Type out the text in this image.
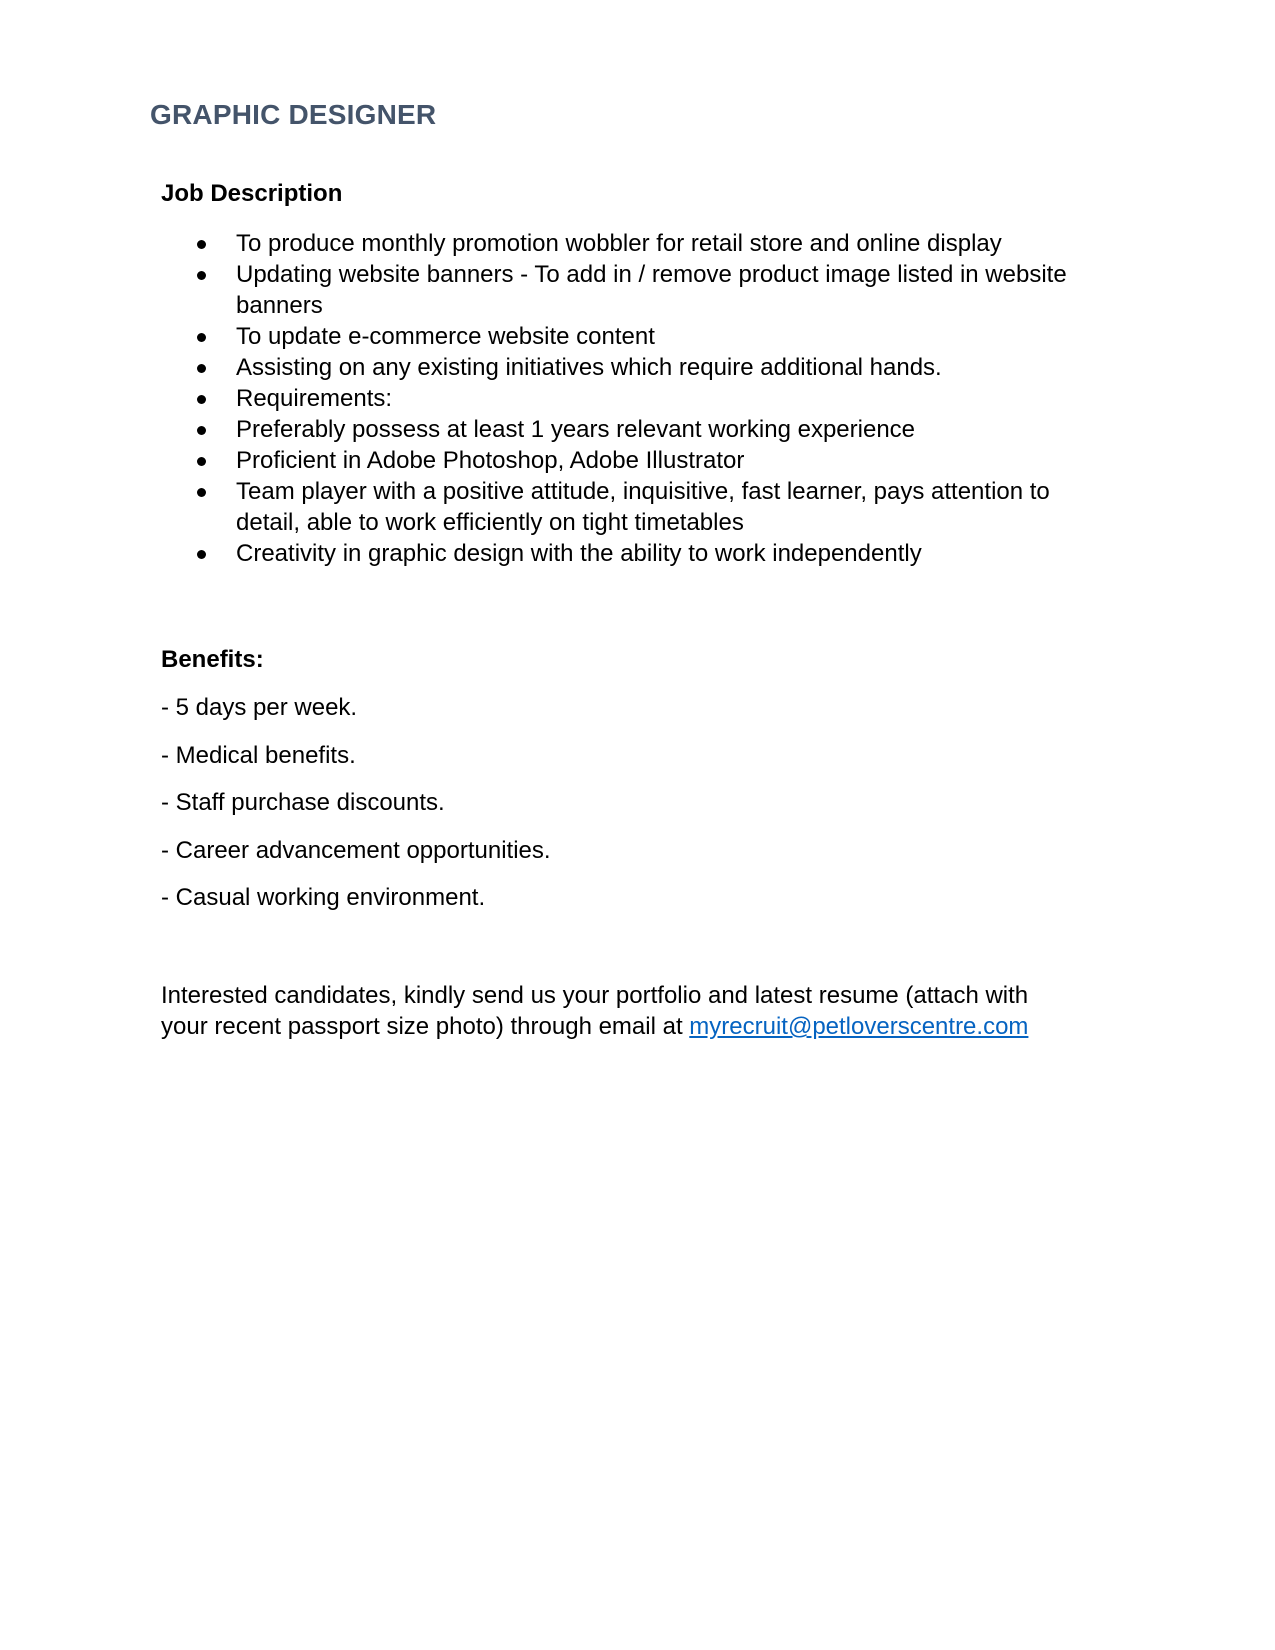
GRAPHIC DESIGNER
Job Description
To produce monthly promotion wobbler for retail store and online display
Updating website banners - To add in / remove product image listed in website banners
To update e-commerce website content
Assisting on any existing initiatives which require additional hands.
Requirements:
Preferably possess at least 1 years relevant working experience
Proficient in Adobe Photoshop, Adobe Illustrator
Team player with a positive attitude, inquisitive, fast learner, pays attention to detail, able to work efficiently on tight timetables
Creativity in graphic design with the ability to work independently
Benefits:
- 5 days per week.
- Medical benefits.
- Staff purchase discounts.
- Career advancement opportunities.
- Casual working environment.

Interested candidates, kindly send us your portfolio and latest resume (attach with your recent passport size photo) through email at myrecruit@petloverscentre.com
